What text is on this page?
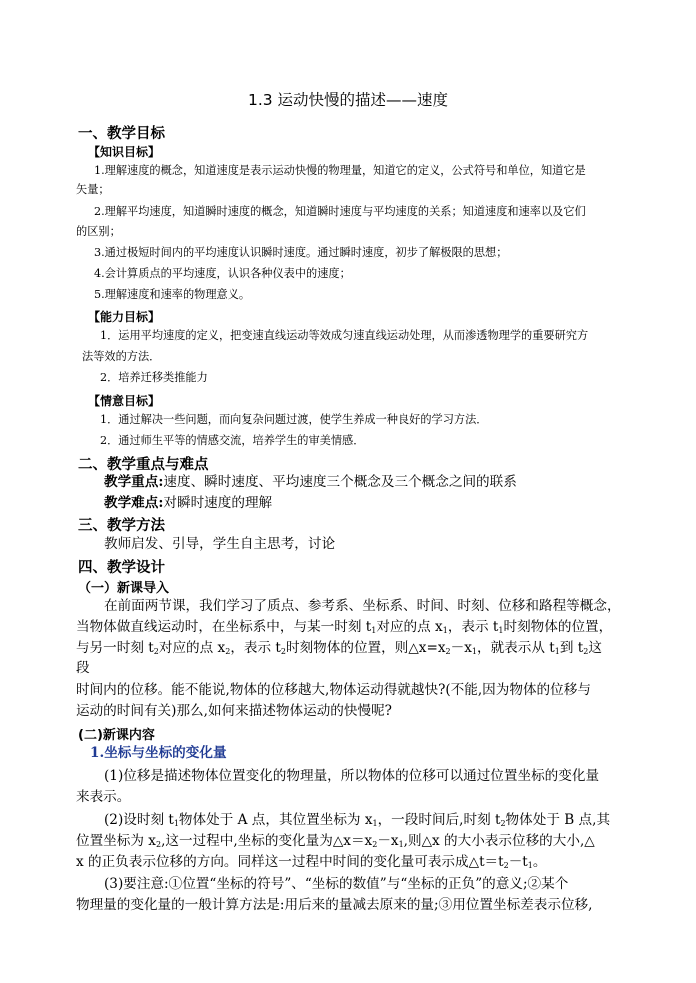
1.3 运动快慢的描述——速度
一、教学目标
【知识目标】
1.理解速度的概念，知道速度是表示运动快慢的物理量，知道它的定义，公式符号和单位，知道它是
矢量；
2.理解平均速度，知道瞬时速度的概念，知道瞬时速度与平均速度的关系；知道速度和速率以及它们
的区别；
3.通过极短时间内的平均速度认识瞬时速度。通过瞬时速度，初步了解极限的思想；
4.会计算质点的平均速度，认识各种仪表中的速度；
5.理解速度和速率的物理意义。
【能力目标】
1．运用平均速度的定义，把变速直线运动等效成匀速直线运动处理，从而渗透物理学的重要研究方
法等效的方法．
2．培养迁移类推能力
【情意目标】
1．通过解决一些问题，而向复杂问题过渡，使学生养成一种良好的学习方法．
2．通过师生平等的情感交流，培养学生的审美情感．
二、教学重点与难点
教学重点:速度、瞬时速度、平均速度三个概念及三个概念之间的联系
教学难点:对瞬时速度的理解
三、教学方法
教师启发、引导，学生自主思考，讨论
四、教学设计
（一）新课导入
在前面两节课，我们学习了质点、参考系、坐标系、时间、时刻、位移和路程等概念，
当物体做直线运动时，在坐标系中，与某一时刻 $t_1$对应的点 $x_1$，表示 $t_1$时刻物体的位置，
与另一时刻 $t_2$对应的点 $x_2$，表示 $t_2$时刻物体的位置，则$\triangle x=x_2-x_1$，就表示从 $t_1$到 $t_2$这
段
时间内的位移。能不能说,物体的位移越大,物体运动得就越快?(不能,因为物体的位移与
运动的时间有关)那么,如何来描述物体运动的快慢呢?
(二)新课内容
1.坐标与坐标的变化量
(1)位移是描述物体位置变化的物理量，所以物体的位移可以通过位置坐标的变化量
来表示。
(2)设时刻 $t_1$物体处于 A 点，其位置坐标为 $x_1$，一段时间后,时刻 $t_2$物体处于 B 点,其
位置坐标为 $x_2$,这一过程中,坐标的变化量为$\triangle x=x_2-x_1$,则△x 的大小表示位移的大小,△
x 的正负表示位移的方向。同样这一过程中时间的变化量可表示成$\triangle t=t_2-t_1$。
(3)要注意:①位置“坐标的符号”、“坐标的数值”与“坐标的正负”的意义;②某个
物理量的变化量的一般计算方法是:用后来的量减去原来的量;③用位置坐标差表示位移,
